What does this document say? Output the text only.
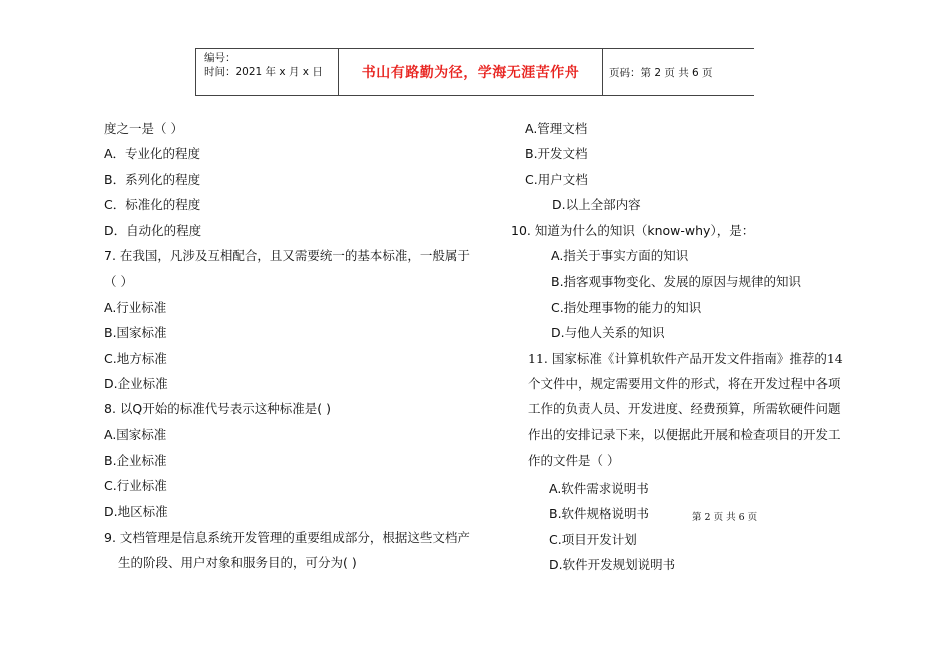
编号：
时间：2021 年 x 月 x 日	书山有路勤为径，学海无涯苦作舟	页码：第 2 页 共 6 页
度之一是（ ）
A．专业化的程度
B．系列化的程度
C．标准化的程度
D．自动化的程度
7. 在我国，凡涉及互相配合，且又需要统一的基本标准，一般属于
（ ）
A.行业标准
B.国家标准
C.地方标准
D.企业标准
8. 以Q开始的标准代号表示这种标准是( )
A.国家标准
B.企业标准
C.行业标准
D.地区标准
9. 文档管理是信息系统开发管理的重要组成部分，根据这些文档产
生的阶段、用户对象和服务目的，可分为( )
A.管理文档
B.开发文档
C.用户文档
D.以上全部内容
10. 知道为什么的知识（know-why），是：
A.指关于事实方面的知识
B.指客观事物变化、发展的原因与规律的知识
C.指处理事物的能力的知识
D.与他人关系的知识
11. 国家标准《计算机软件产品开发文件指南》推荐的14
个文件中，规定需要用文件的形式，将在开发过程中各项
工作的负责人员、开发进度、经费预算，所需软硬件问题
作出的安排记录下来，以便据此开展和检查项目的开发工
作的文件是（ ）
A.软件需求说明书
B.软件规格说明书
C.项目开发计划
D.软件开发规划说明书
第 2 页 共 6 页
